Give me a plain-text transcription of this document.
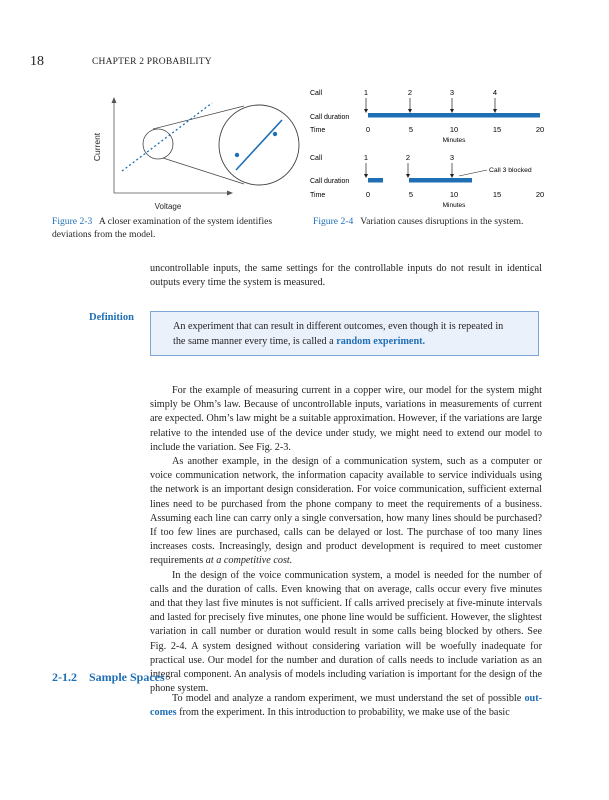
18	CHAPTER 2 PROBABILITY
Current
Voltage
Figure 2-3 A closer examination of the system identifies deviations from the model.
Call	1	2	3	4
Call duration
Time	0	5	10	15	20
Minutes
Call	1	2	3
Call 3 blocked
Call duration
Time	0	5	10	15	20
Minutes
Figure 2-4 Variation causes disruptions in the system.

uncontrollable inputs, the same settings for the controllable inputs do not result in identical outputs every time the system is measured.

Definition
An experiment that can result in different outcomes, even though it is repeated in the same manner every time, is called a random experiment.

For the example of measuring current in a copper wire, our model for the system might simply be Ohm’s law. Because of uncontrollable inputs, variations in measurements of current are expected. Ohm’s law might be a suitable approximation. However, if the variations are large relative to the intended use of the device under study, we might need to extend our model to include the variation. See Fig. 2-3.

As another example, in the design of a communication system, such as a computer or voice communication network, the information capacity available to service individuals using the network is an important design consideration. For voice communication, sufficient external lines need to be purchased from the phone company to meet the requirements of a business. Assuming each line can carry only a single conversation, how many lines should be purchased? If too few lines are purchased, calls can be delayed or lost. The purchase of too many lines increases costs. Increasingly, design and product development is required to meet customer requirements at a competitive cost.

In the design of the voice communication system, a model is needed for the number of calls and the duration of calls. Even knowing that on average, calls occur every five minutes and that they last five minutes is not sufficient. If calls arrived precisely at five-minute intervals and lasted for precisely five minutes, one phone line would be sufficient. However, the slightest variation in call number or duration would result in some calls being blocked by others. See Fig. 2-4. A system designed without considering variation will be woefully inadequate for practical use. Our model for the number and duration of calls needs to include variation as an integral component. An analysis of models including variation is important for the design of the phone system.

2-1.2 Sample Spaces

To model and analyze a random experiment, we must understand the set of possible out-comes from the experiment. In this introduction to probability, we make use of the basic
